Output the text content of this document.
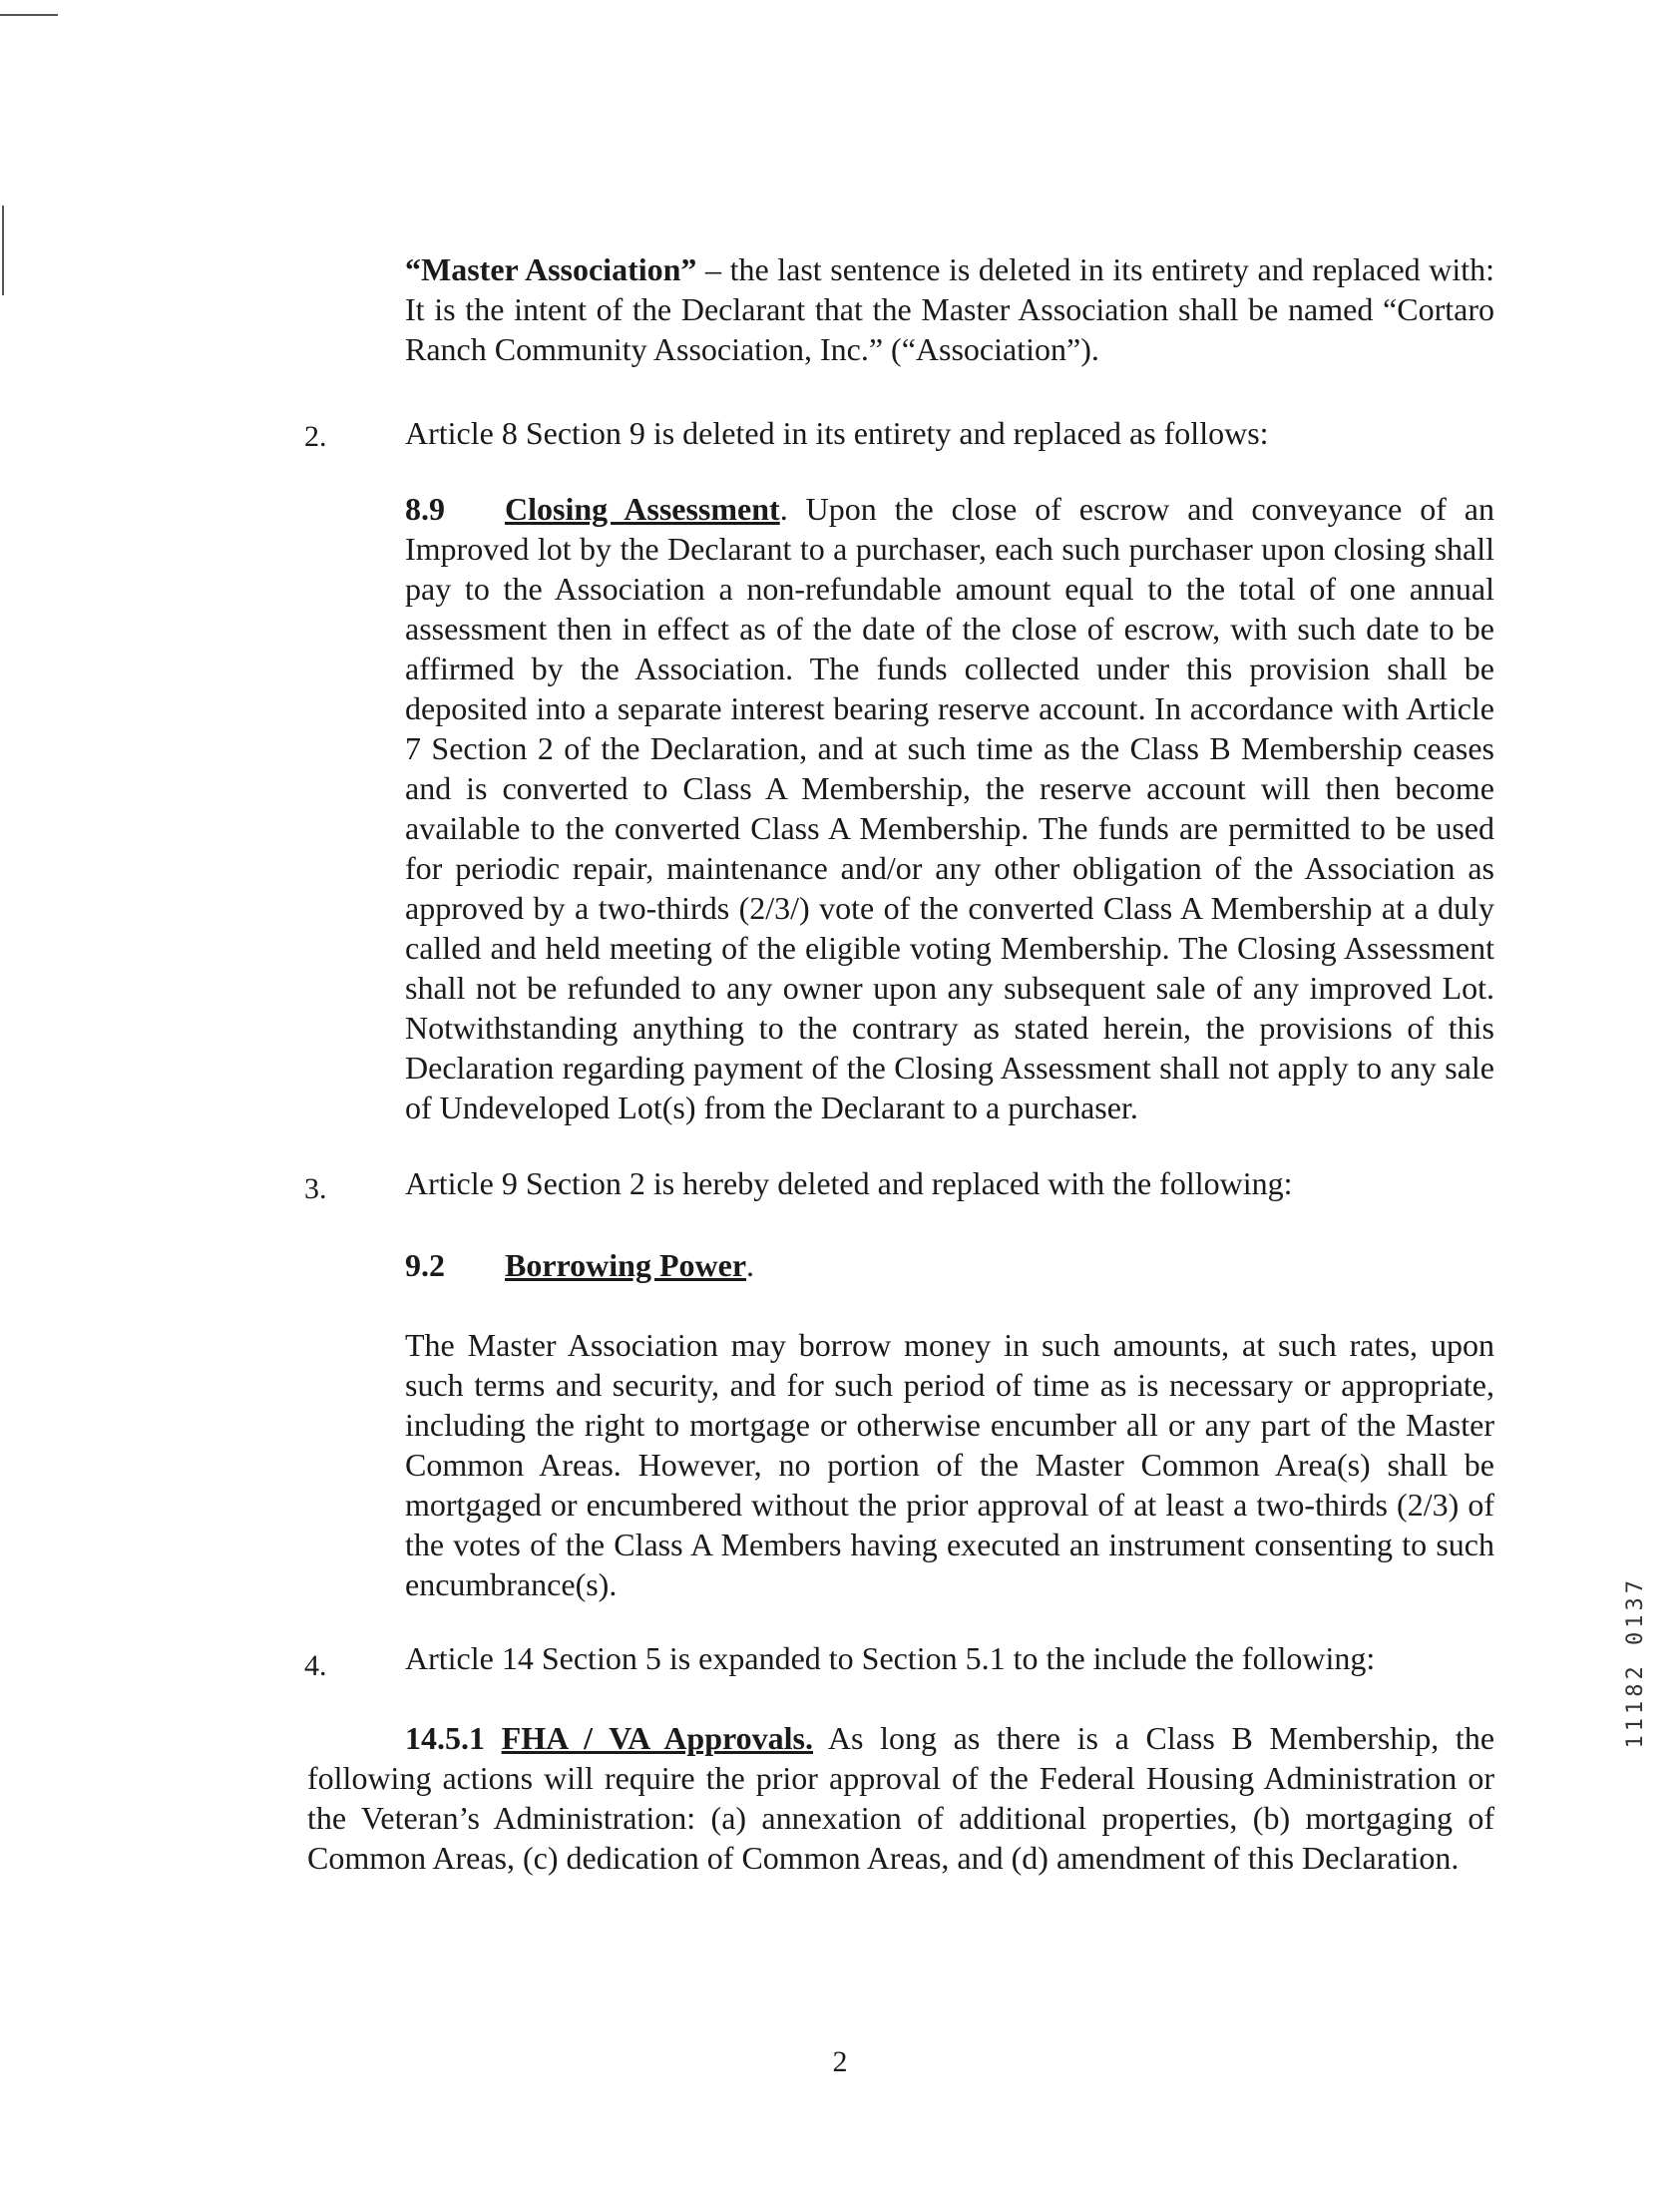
“Master Association” – the last sentence is deleted in its entirety and replaced with: It is the intent of the Declarant that the Master Association shall be named “Cortaro Ranch Community Association, Inc.” (“Association”).
2. Article 8 Section 9 is deleted in its entirety and replaced as follows:
8.9 Closing Assessment. Upon the close of escrow and conveyance of an Improved lot by the Declarant to a purchaser, each such purchaser upon closing shall pay to the Association a non-refundable amount equal to the total of one annual assessment then in effect as of the date of the close of escrow, with such date to be affirmed by the Association. The funds collected under this provision shall be deposited into a separate interest bearing reserve account. In accordance with Article 7 Section 2 of the Declaration, and at such time as the Class B Membership ceases and is converted to Class A Membership, the reserve account will then become available to the converted Class A Membership. The funds are permitted to be used for periodic repair, maintenance and/or any other obligation of the Association as approved by a two-thirds (2/3/) vote of the converted Class A Membership at a duly called and held meeting of the eligible voting Membership. The Closing Assessment shall not be refunded to any owner upon any subsequent sale of any improved Lot. Notwithstanding anything to the contrary as stated herein, the provisions of this Declaration regarding payment of the Closing Assessment shall not apply to any sale of Undeveloped Lot(s) from the Declarant to a purchaser.
3. Article 9 Section 2 is hereby deleted and replaced with the following:
9.2 Borrowing Power.
The Master Association may borrow money in such amounts, at such rates, upon such terms and security, and for such period of time as is necessary or appropriate, including the right to mortgage or otherwise encumber all or any part of the Master Common Areas. However, no portion of the Master Common Area(s) shall be mortgaged or encumbered without the prior approval of at least a two-thirds (2/3) of the votes of the Class A Members having executed an instrument consenting to such encumbrance(s).
4. Article 14 Section 5 is expanded to Section 5.1 to the include the following:
14.5.1 FHA / VA Approvals. As long as there is a Class B Membership, the following actions will require the prior approval of the Federal Housing Administration or the Veteran’s Administration: (a) annexation of additional properties, (b) mortgaging of Common Areas, (c) dedication of Common Areas, and (d) amendment of this Declaration.
11182 0137
2
